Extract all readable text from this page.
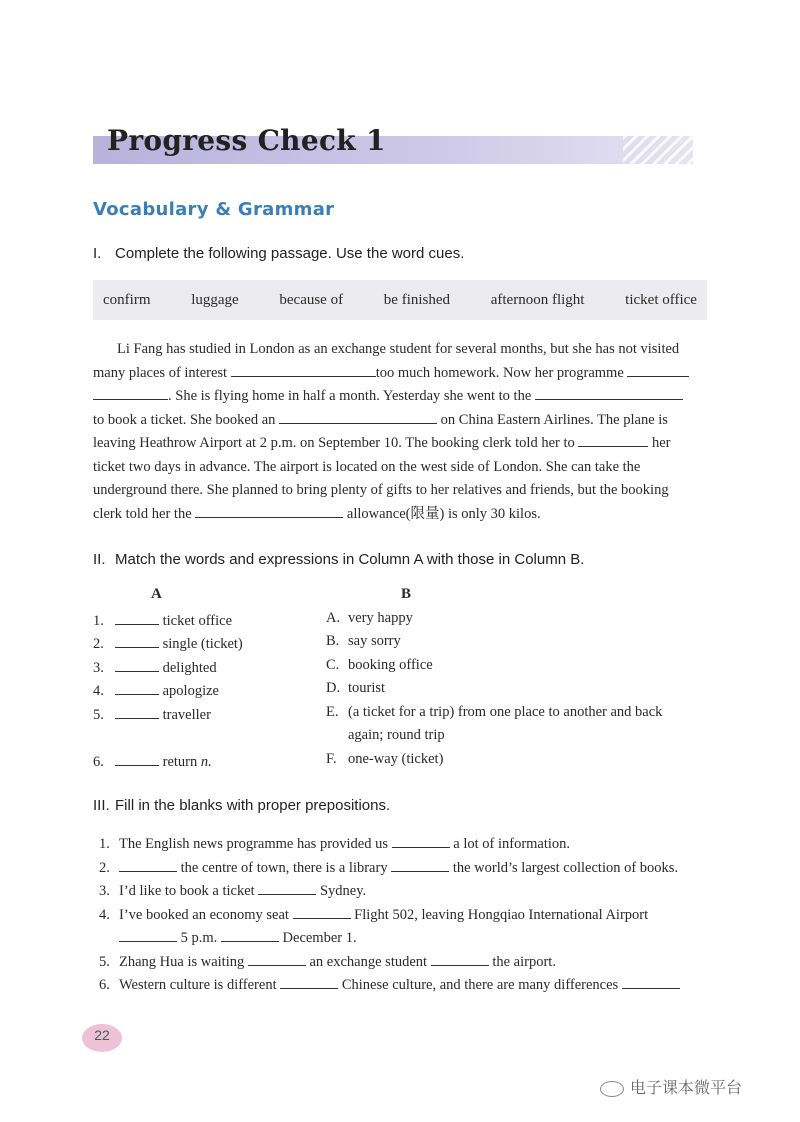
Progress Check 1
Vocabulary & Grammar
I. Complete the following passage. Use the word cues.
confirm	luggage	because of	be finished	afternoon flight	ticket office

Li Fang has studied in London as an exchange student for several months, but she has not visited

many places of interest	too much homework. Now her programme
. She is flying home in half a month. Yesterday she went to the
to book a ticket. She booked an	on China Eastern Airlines. The plane is
leaving Heathrow Airport at 2 p.m. on September 10. The booking clerk told her to	her
ticket two days in advance. The airport is located on the west side of London. She can take the
underground there. She planned to bring plenty of gifts to her relatives and friends, but the booking
clerk told her the	allowance(限量) is only 30 kilos.
II. Match the words and expressions in Column A with those in Column B.
A	B
1.	ticket office
2.	single (ticket)
3.	delighted
4.	apologize
5.	traveller
6.	return n.
A. very happy
B. say sorry
C. booking office
D. tourist
E. (a ticket for a trip) from one place to another and back
again; round trip
F. one-way (ticket)
III. Fill in the blanks with proper prepositions.
1. The English news programme has provided us	a lot of information.
2.	the centre of town, there is a library	the world’s largest collection of books.
3. I’d like to book a ticket	Sydney.
4. I’ve booked an economy seat	Flight 502, leaving Hongqiao International Airport
5 p.m.	December 1.
5. Zhang Hua is waiting	an exchange student	the airport.
6. Western culture is different	Chinese culture, and there are many differences
22
电子课本微平台
